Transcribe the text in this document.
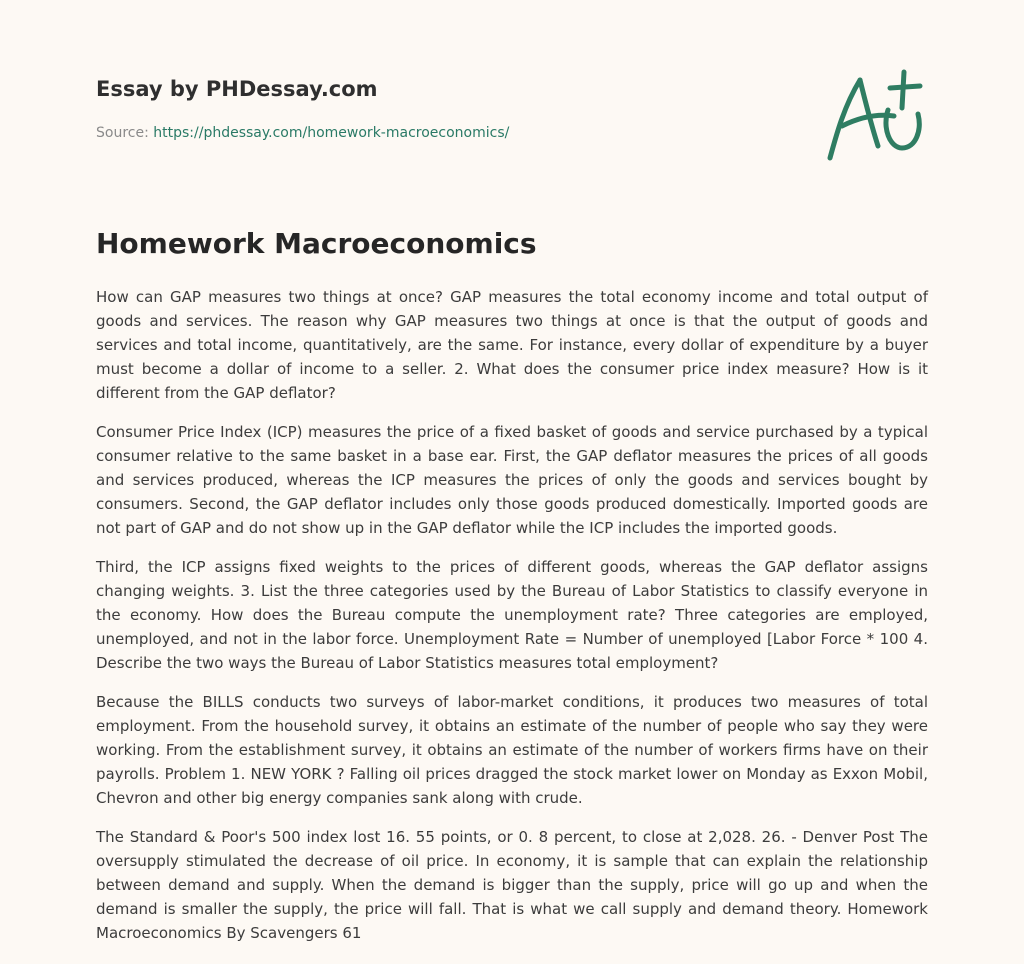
Essay by PHDessay.com
Source: https://phdessay.com/homework-macroeconomics/
Homework Macroeconomics

How can GAP measures two things at once? GAP measures the total economy income and total output of goods and services. The reason why GAP measures two things at once is that the output of goods and services and total income, quantitatively, are the same. For instance, every dollar of expenditure by a buyer must become a dollar of income to a seller. 2. What does the consumer price index measure? How is it different from the GAP deflator?

Consumer Price Index (ICP) measures the price of a fixed basket of goods and service purchased by a typical consumer relative to the same basket in a base ear. First, the GAP deflator measures the prices of all goods and services produced, whereas the ICP measures the prices of only the goods and services bought by consumers. Second, the GAP deflator includes only those goods produced domestically. Imported goods are not part of GAP and do not show up in the GAP deflator while the ICP includes the imported goods.

Third, the ICP assigns fixed weights to the prices of different goods, whereas the GAP deflator assigns changing weights. 3. List the three categories used by the Bureau of Labor Statistics to classify everyone in the economy. How does the Bureau compute the unemployment rate? Three categories are employed, unemployed, and not in the labor force. Unemployment Rate = Number of unemployed [Labor Force * 100 4. Describe the two ways the Bureau of Labor Statistics measures total employment?

Because the BILLS conducts two surveys of labor-market conditions, it produces two measures of total employment. From the household survey, it obtains an estimate of the number of people who say they were working. From the establishment survey, it obtains an estimate of the number of workers firms have on their payrolls. Problem 1. NEW YORK ? Falling oil prices dragged the stock market lower on Monday as Exxon Mobil, Chevron and other big energy companies sank along with crude.

The Standard & Poor's 500 index lost 16. 55 points, or 0. 8 percent, to close at 2,028. 26. - Denver Post The oversupply stimulated the decrease of oil price. In economy, it is sample that can explain the relationship between demand and supply. When the demand is bigger than the supply, price will go up and when the demand is smaller the supply, the price will fall. That is what we call supply and demand theory. Homework Macroeconomics By Scavengers 61
